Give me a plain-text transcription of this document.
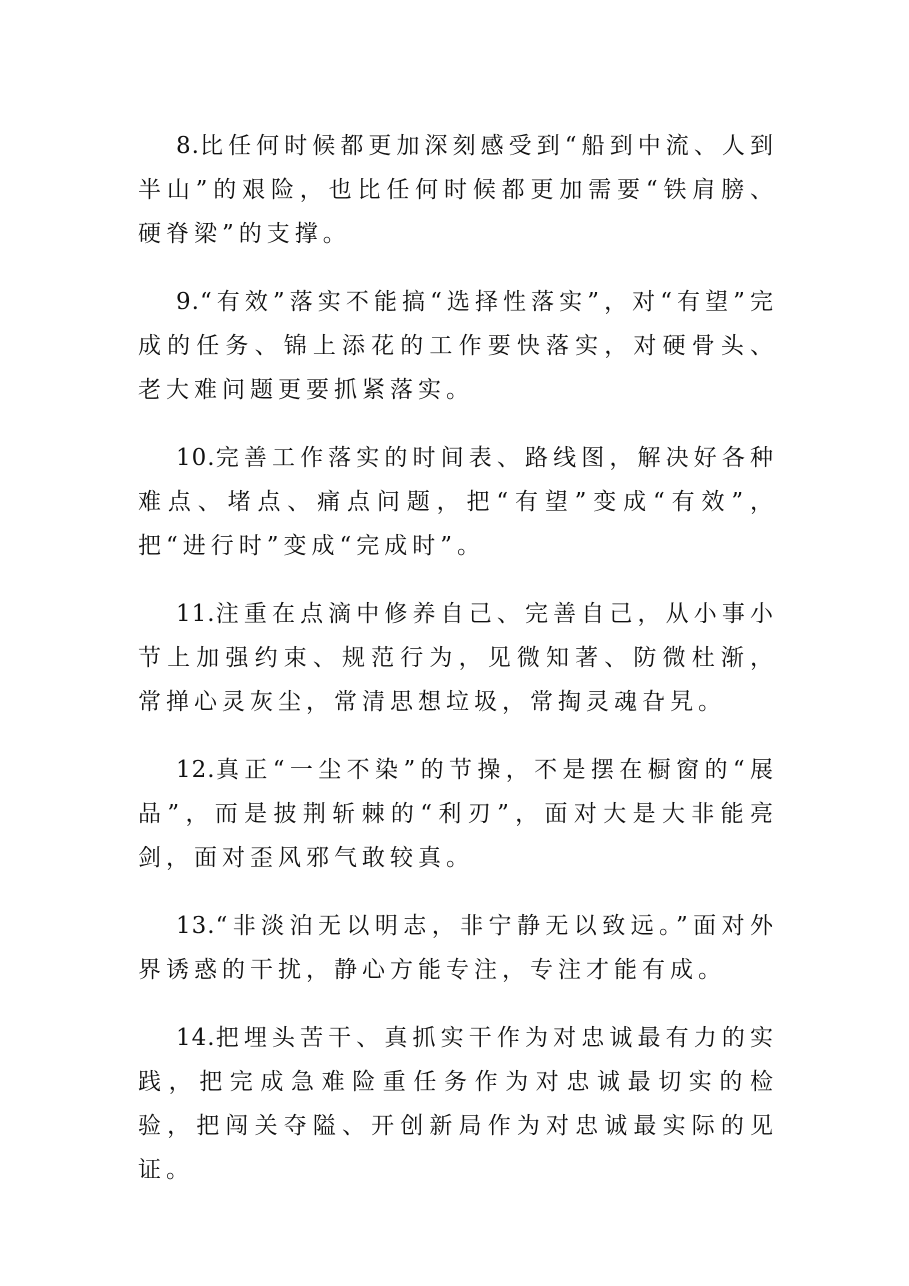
8.比任何时候都更加深刻感受到“船到中流、人到半山”的艰险，也比任何时候都更加需要“铁肩膀、硬脊梁”的支撑。

9.“有效”落实不能搞“选择性落实”，对“有望”完成的任务、锦上添花的工作要快落实，对硬骨头、老大难问题更要抓紧落实。

10.完善工作落实的时间表、路线图，解决好各种难点、堵点、痛点问题，把“有望”变成“有效”，把“进行时”变成“完成时”。

11.注重在点滴中修养自己、完善自己，从小事小节上加强约束、规范行为，见微知著、防微杜渐，常掸心灵灰尘，常清思想垃圾，常掏灵魂旮旯。

12.真正“一尘不染”的节操，不是摆在橱窗的“展品”，而是披荆斩棘的“利刃”，面对大是大非能亮剑，面对歪风邪气敢较真。

13.“非淡泊无以明志，非宁静无以致远。”面对外界诱惑的干扰，静心方能专注，专注才能有成。

14.把埋头苦干、真抓实干作为对忠诚最有力的实践，把完成急难险重任务作为对忠诚最切实的检验，把闯关夺隘、开创新局作为对忠诚最实际的见证。
